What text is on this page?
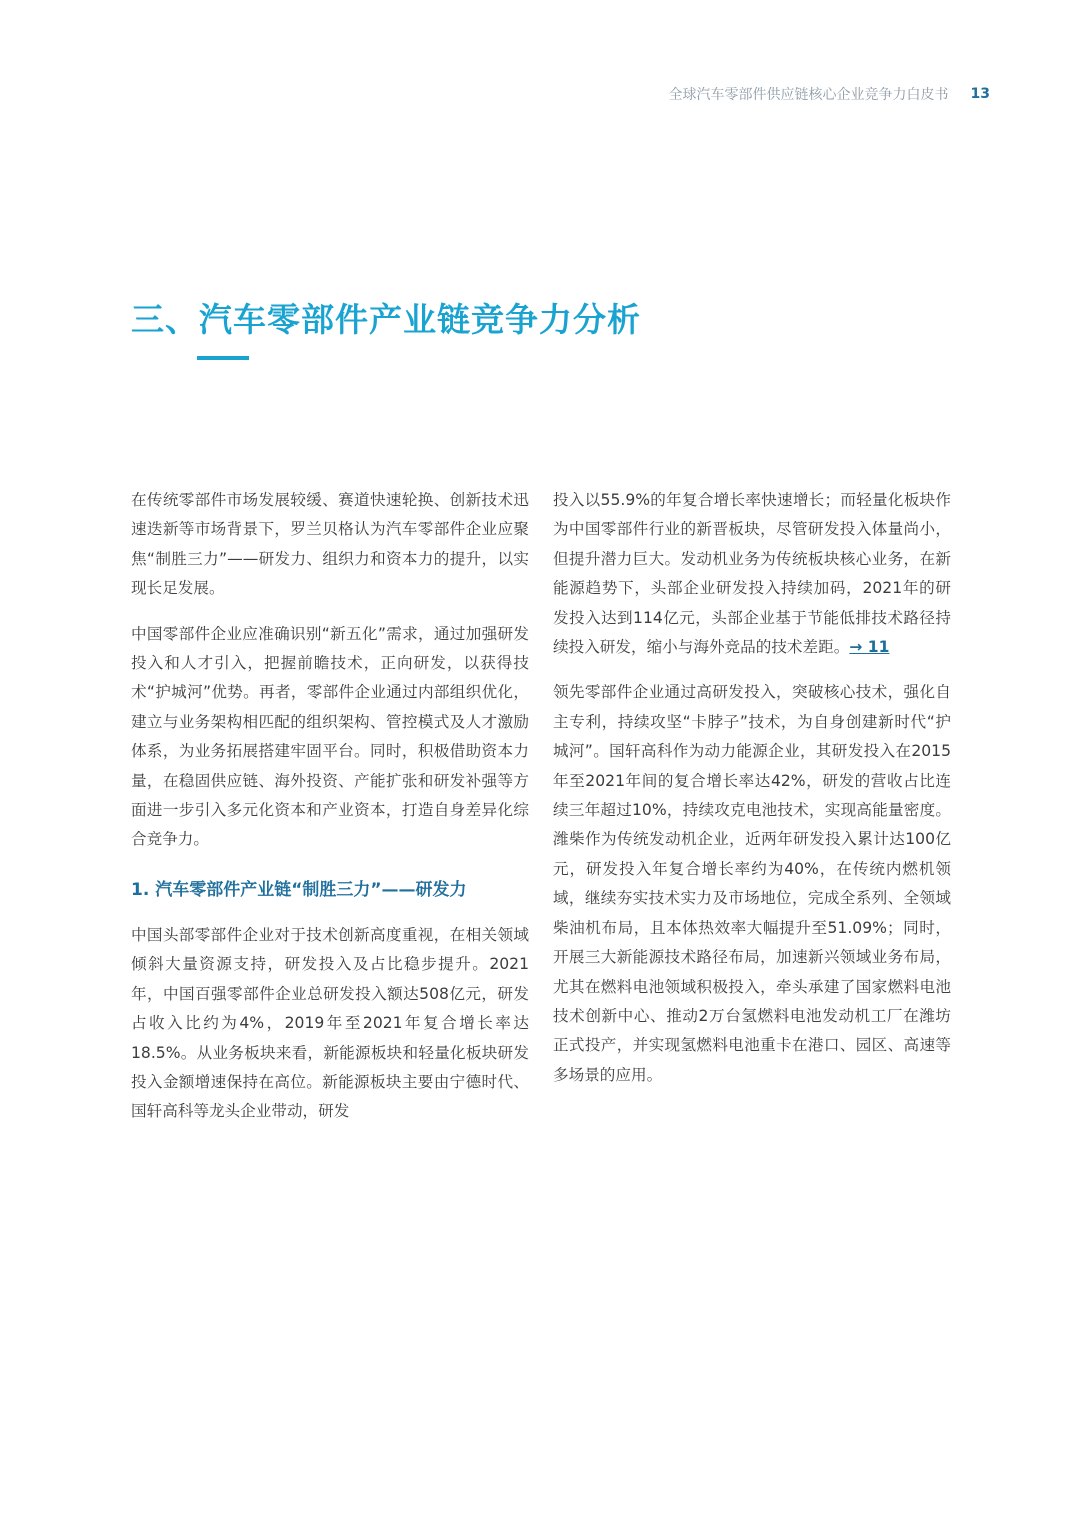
全球汽车零部件供应链核心企业竞争力白皮书 13
三、汽车零部件产业链竞争力分析

在传统零部件市场发展较缓、赛道快速轮换、创新技术迅速迭新等市场背景下，罗兰贝格认为汽车零部件企业应聚焦“制胜三力”——研发力、组织力和资本力的提升，以实现长足发展。

中国零部件企业应准确识别“新五化”需求，通过加强研发投入和人才引入，把握前瞻技术，正向研发，以获得技术“护城河”优势。再者，零部件企业通过内部组织优化，建立与业务架构相匹配的组织架构、管控模式及人才激励体系，为业务拓展搭建牢固平台。同时，积极借助资本力量，在稳固供应链、海外投资、产能扩张和研发补强等方面进一步引入多元化资本和产业资本，打造自身差异化综合竞争力。

1. 汽车零部件产业链“制胜三力”——研发力

中国头部零部件企业对于技术创新高度重视，在相关领域倾斜大量资源支持，研发投入及占比稳步提升。2021年，中国百强零部件企业总研发投入额达508亿元，研发占收入比约为4%，2019年至2021年复合增长率达18.5%。从业务板块来看，新能源板块和轻量化板块研发投入金额增速保持在高位。新能源板块主要由宁德时代、国轩高科等龙头企业带动，研发

投入以55.9%的年复合增长率快速增长；而轻量化板块作为中国零部件行业的新晋板块，尽管研发投入体量尚小，但提升潜力巨大。发动机业务为传统板块核心业务，在新能源趋势下，头部企业研发投入持续加码，2021年的研发投入达到114亿元，头部企业基于节能低排技术路径持续投入研发，缩小与海外竞品的技术差距。→ 11

领先零部件企业通过高研发投入，突破核心技术，强化自主专利，持续攻坚“卡脖子”技术，为自身创建新时代“护城河”。国轩高科作为动力能源企业，其研发投入在2015年至2021年间的复合增长率达42%，研发的营收占比连续三年超过10%，持续攻克电池技术，实现高能量密度。潍柴作为传统发动机企业，近两年研发投入累计达100亿元，研发投入年复合增长率约为40%，在传统内燃机领域，继续夯实技术实力及市场地位，完成全系列、全领域柴油机布局，且本体热效率大幅提升至51.09%；同时，开展三大新能源技术路径布局，加速新兴领域业务布局，尤其在燃料电池领域积极投入，牵头承建了国家燃料电池技术创新中心、推动2万台氢燃料电池发动机工厂在潍坊正式投产，并实现氢燃料电池重卡在港口、园区、高速等多场景的应用。
